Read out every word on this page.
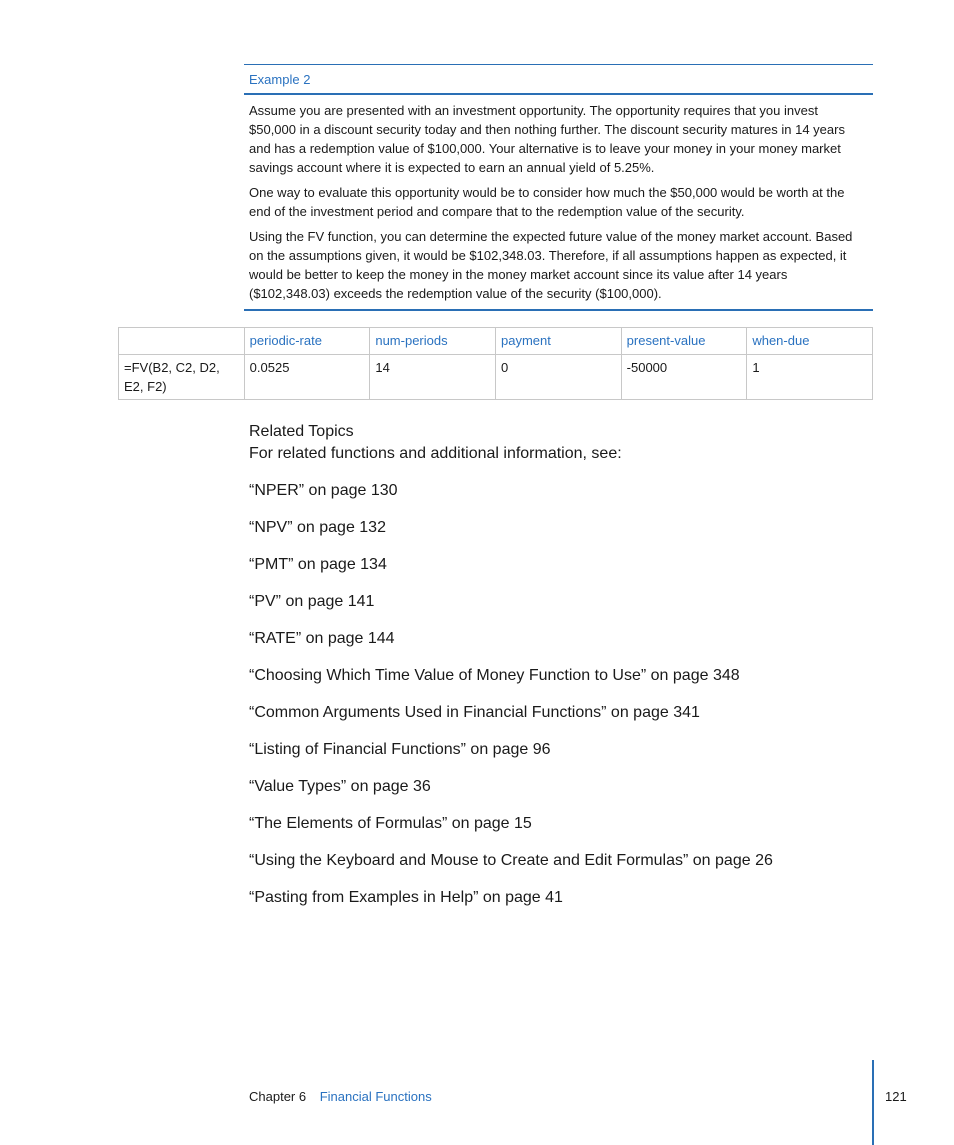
Example 2

Assume you are presented with an investment opportunity. The opportunity requires that you invest $50,000 in a discount security today and then nothing further. The discount security matures in 14 years and has a redemption value of $100,000. Your alternative is to leave your money in your money market savings account where it is expected to earn an annual yield of 5.25%.

One way to evaluate this opportunity would be to consider how much the $50,000 would be worth at the end of the investment period and compare that to the redemption value of the security.

Using the FV function, you can determine the expected future value of the money market account. Based on the assumptions given, it would be $102,348.03. Therefore, if all assumptions happen as expected, it would be better to keep the money in the money market account since its value after 14 years ($102,348.03) exceeds the redemption value of the security ($100,000).

	periodic-rate	num-periods	payment	present-value	when-due
=FV(B2, C2, D2, E2, F2)	0.0525	14	0	-50000	1
Related Topics

For related functions and additional information, see:

“NPER” on page 130
“NPV” on page 132
“PMT” on page 134
“PV” on page 141
“RATE” on page 144
“Choosing Which Time Value of Money Function to Use” on page 348
“Common Arguments Used in Financial Functions” on page 341
“Listing of Financial Functions” on page 96
“Value Types” on page 36
“The Elements of Formulas” on page 15
“Using the Keyboard and Mouse to Create and Edit Formulas” on page 26
“Pasting from Examples in Help” on page 41
Chapter 6 Financial Functions	121
